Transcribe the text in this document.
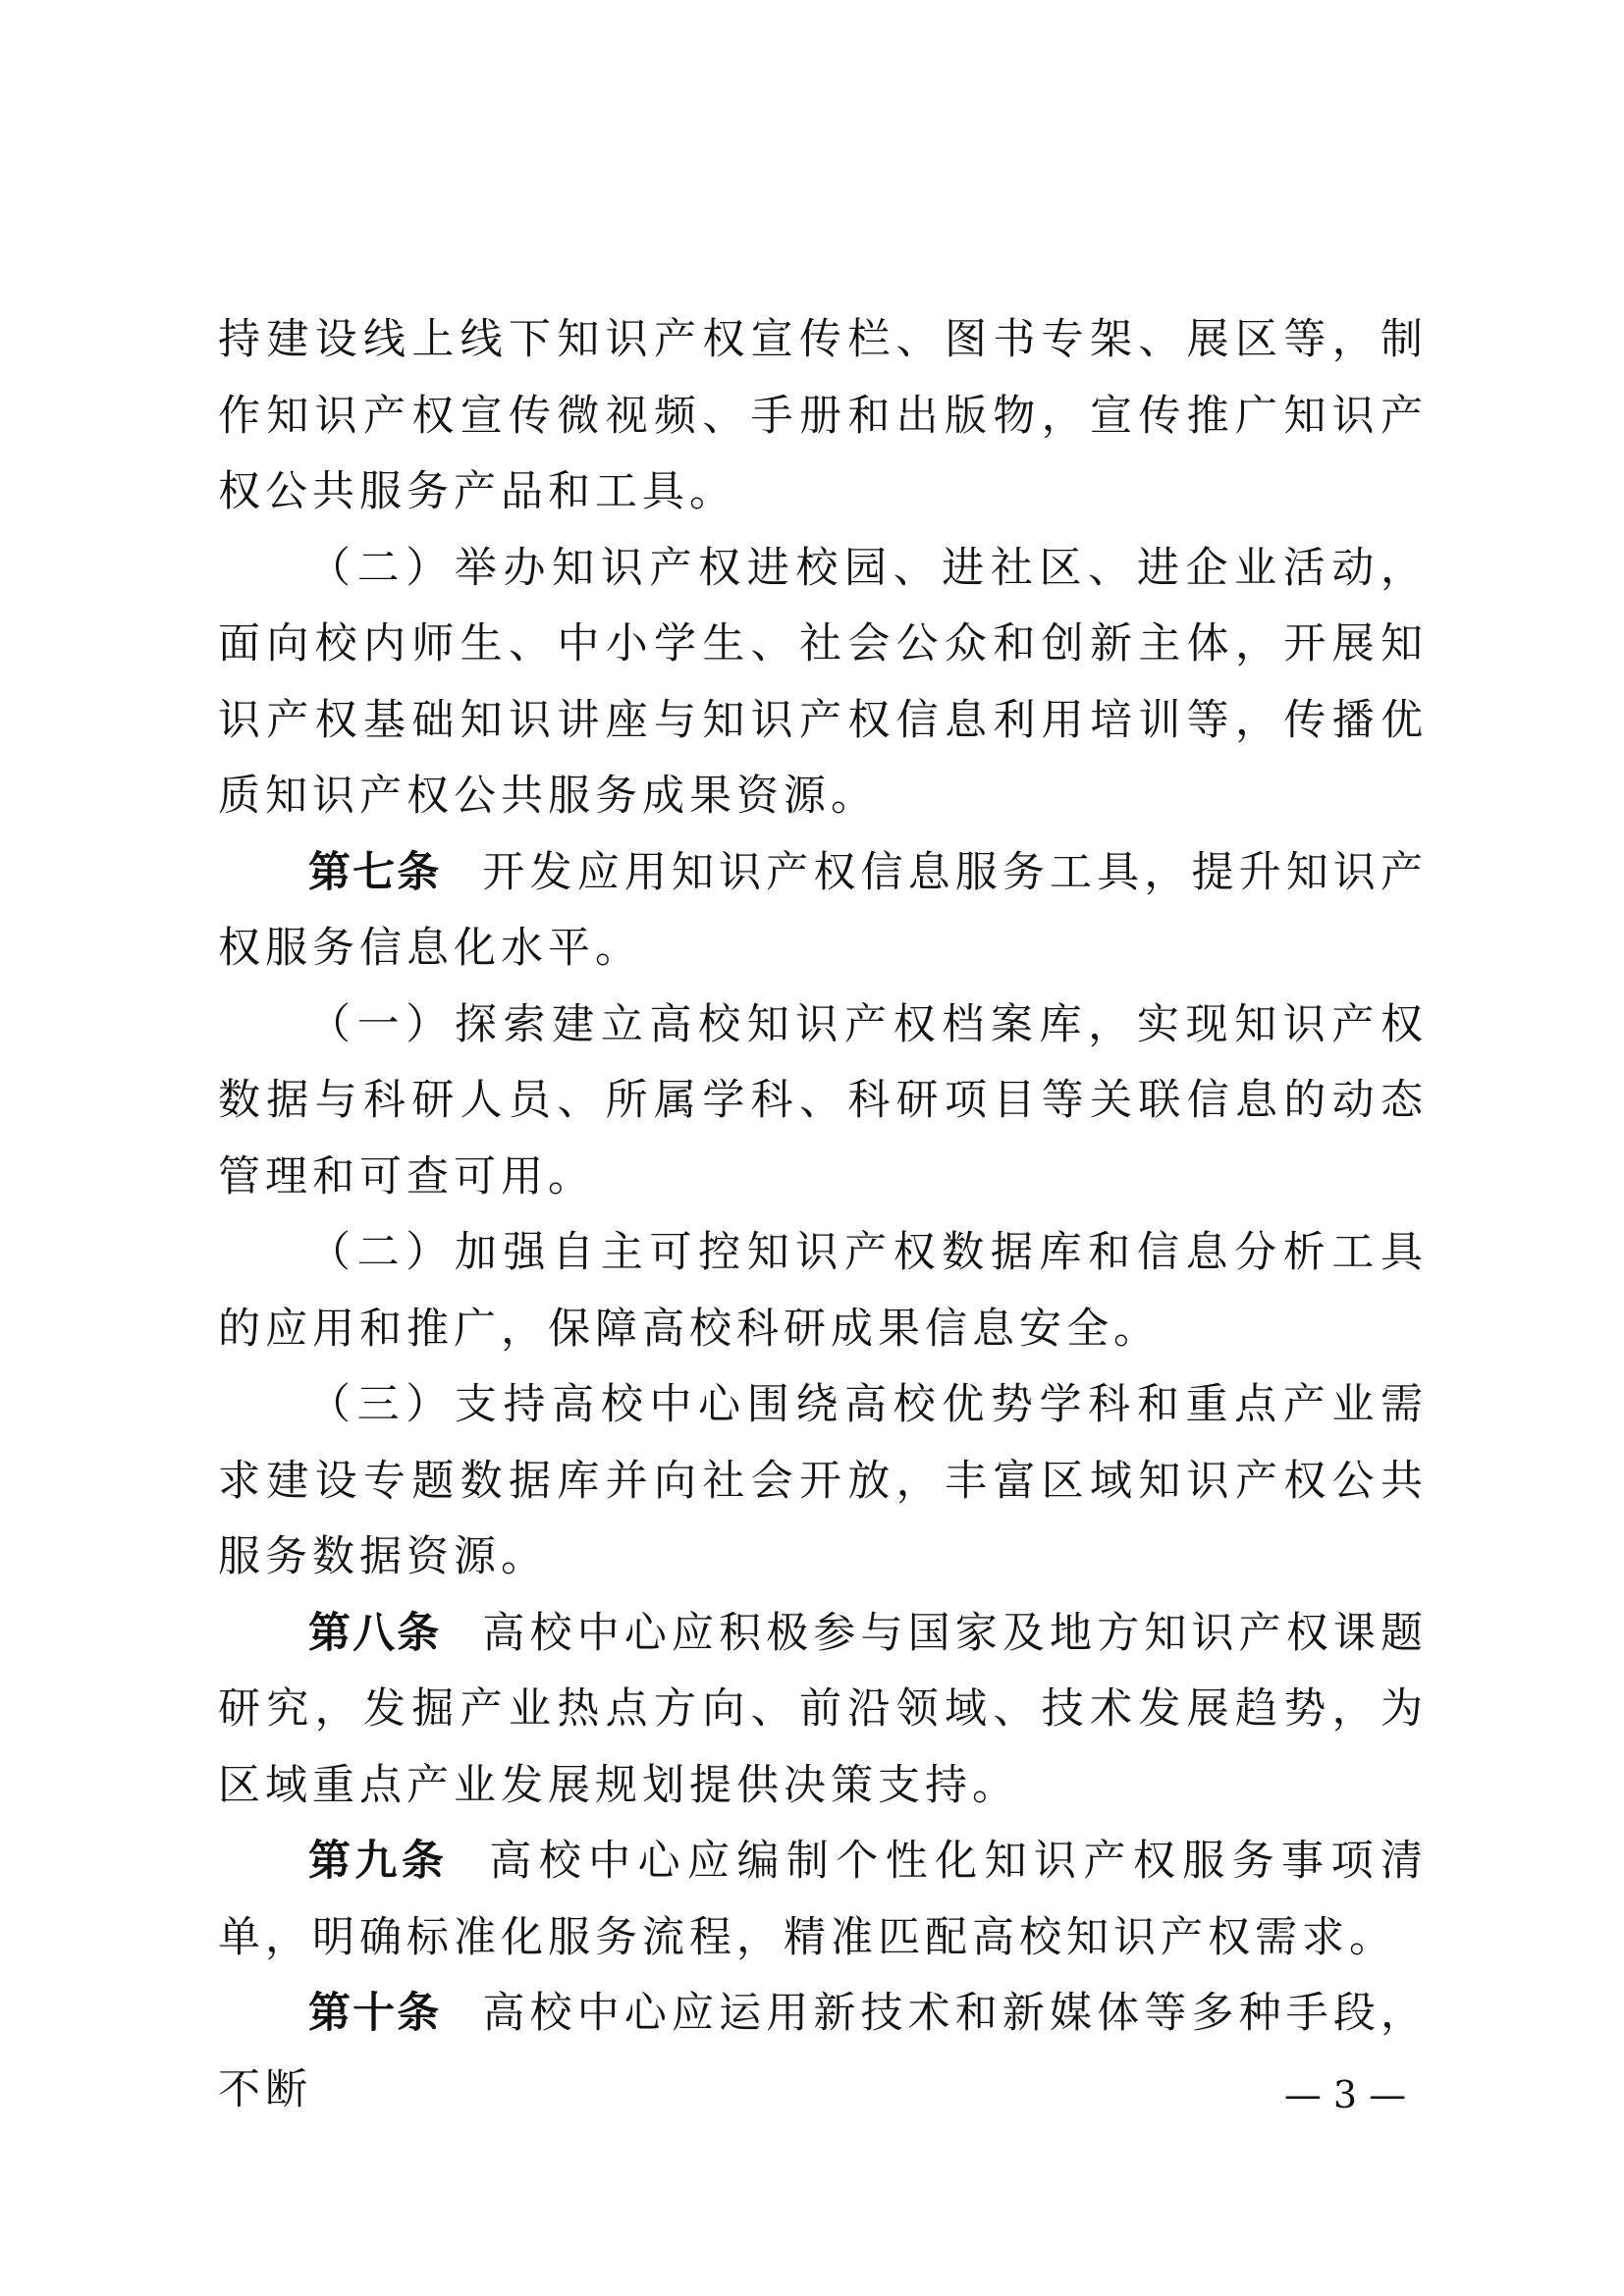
持建设线上线下知识产权宣传栏、图书专架、展区等，制作知识产权宣传微视频、手册和出版物，宣传推广知识产权公共服务产品和工具。

（二）举办知识产权进校园、进社区、进企业活动，面向校内师生、中小学生、社会公众和创新主体，开展知识产权基础知识讲座与知识产权信息利用培训等，传播优质知识产权公共服务成果资源。

第七条 开发应用知识产权信息服务工具，提升知识产权服务信息化水平。

（一）探索建立高校知识产权档案库，实现知识产权数据与科研人员、所属学科、科研项目等关联信息的动态管理和可查可用。

（二）加强自主可控知识产权数据库和信息分析工具的应用和推广，保障高校科研成果信息安全。

（三）支持高校中心围绕高校优势学科和重点产业需求建设专题数据库并向社会开放，丰富区域知识产权公共服务数据资源。

第八条 高校中心应积极参与国家及地方知识产权课题研究，发掘产业热点方向、前沿领域、技术发展趋势，为区域重点产业发展规划提供决策支持。

第九条 高校中心应编制个性化知识产权服务事项清单，明确标准化服务流程，精准匹配高校知识产权需求。

第十条 高校中心应运用新技术和新媒体等多种手段，不断	— 3 —
